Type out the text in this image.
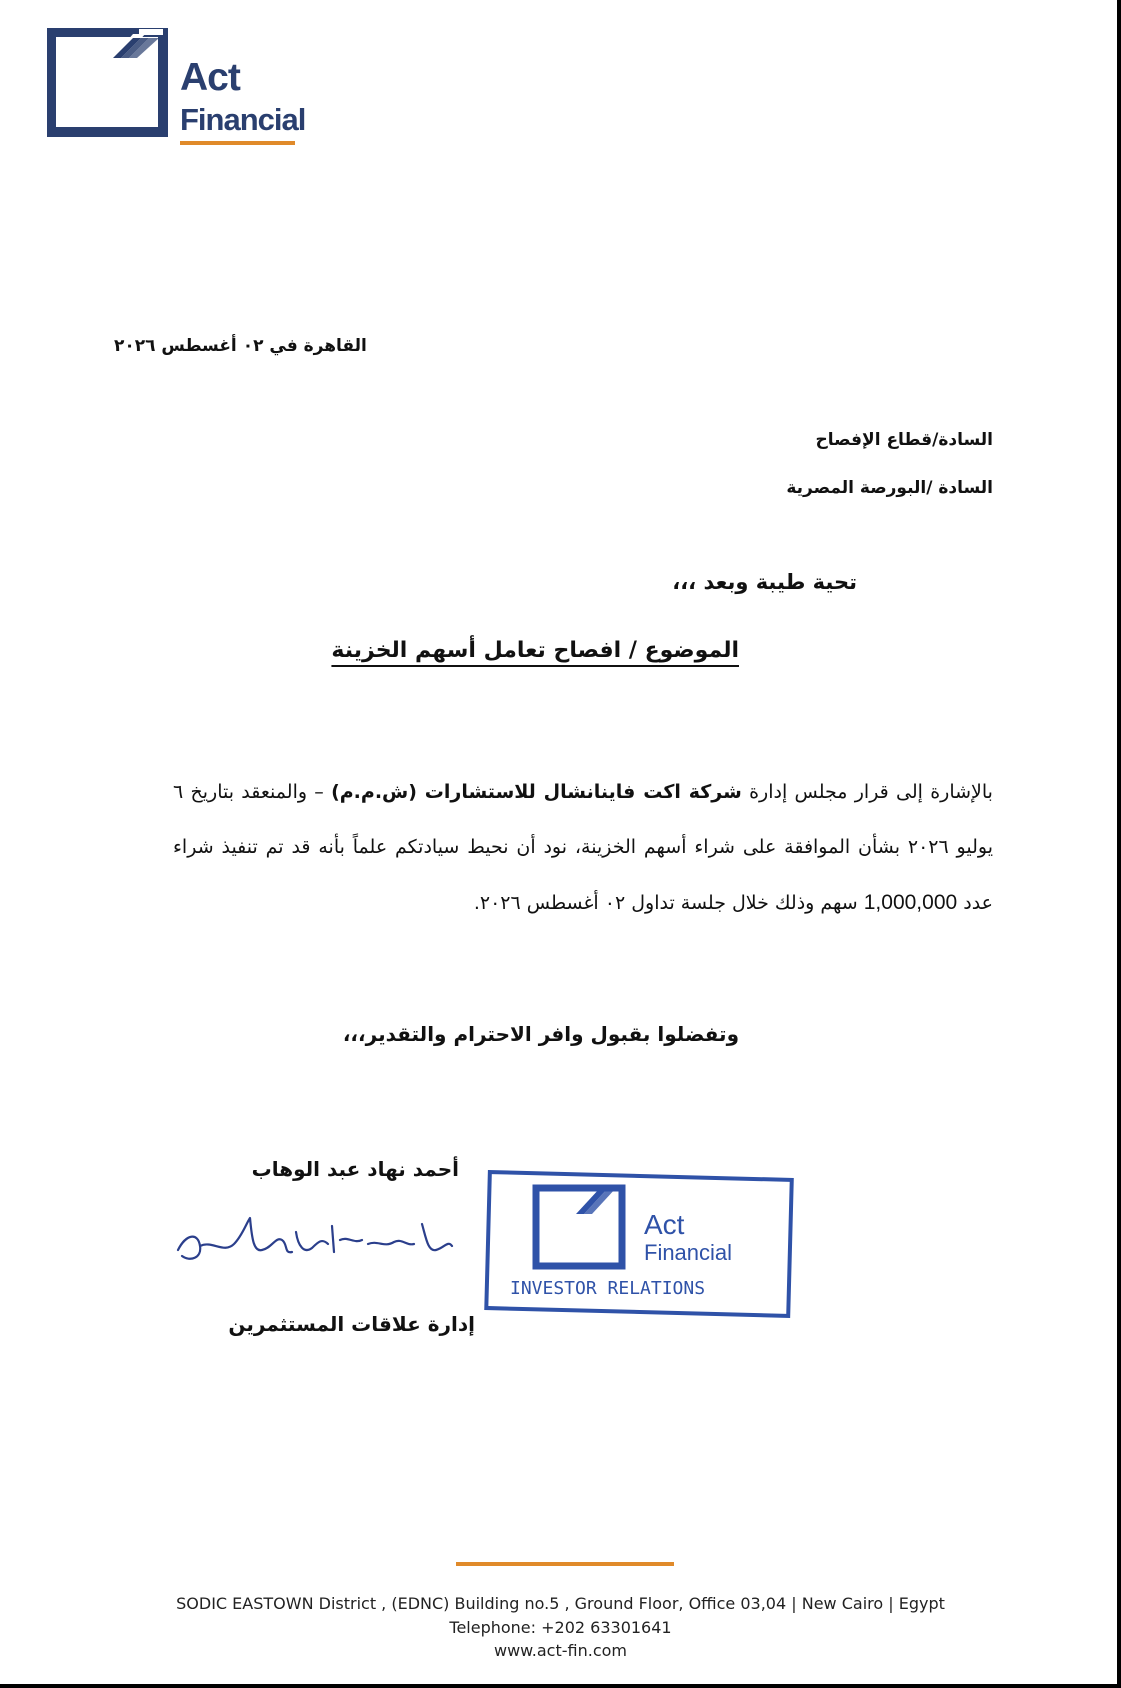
Act
Financial
القاهرة في ٠٢ أغسطس ٢٠٢٦
السادة/قطاع الإفصاح
السادة /البورصة المصرية
تحية طيبة وبعد ،،،
الموضوع / افصاح تعامل أسهم الخزينة
بالإشارة إلى قرار مجلس إدارة شركة اكت فاينانشال للاستشارات (ش.م.م) – والمنعقد بتاريخ ٦ يوليو ٢٠٢٦ بشأن الموافقة على شراء أسهم الخزينة، نود أن نحيط سيادتكم علماً بأنه قد تم تنفيذ شراء عدد 1,000,000 سهم وذلك خلال جلسة تداول ٠٢ أغسطس ٢٠٢٦.
وتفضلوا بقبول وافر الاحترام والتقدير،،،
أحمد نهاد عبد الوهاب
إدارة علاقات المستثمرين
Act
Financial
INVESTOR RELATIONS
SODIC EASTOWN District , (EDNC) Building no.5 , Ground Floor, Office 03,04 | New Cairo | Egypt
Telephone: +202 63301641
www.act-fin.com
